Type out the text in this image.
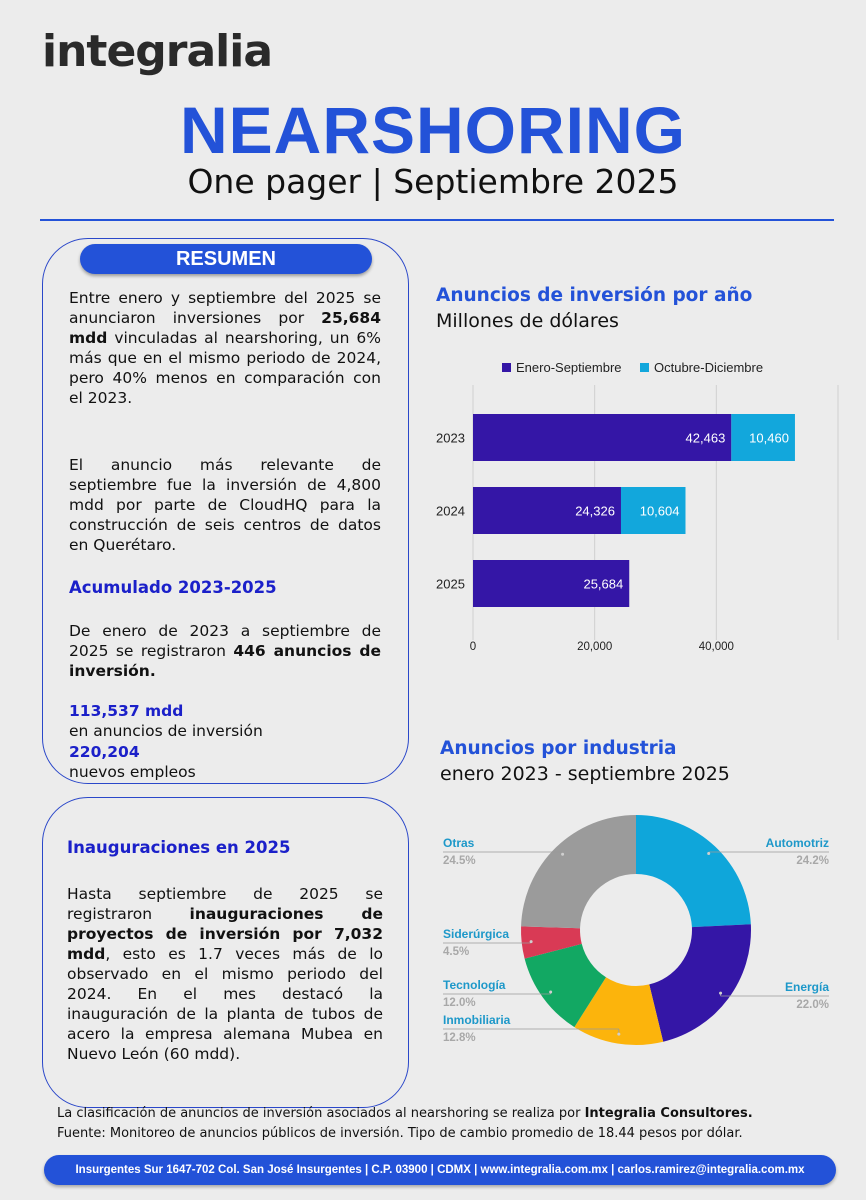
integralia
NEARSHORING
One pager | Septiembre 2025
RESUMEN

Entre enero y septiembre del 2025 se anunciaron inversiones por 25,684 mdd vinculadas al nearshoring, un 6% más que en el mismo periodo de 2024, pero 40% menos en comparación con el 2023.

El anuncio más relevante de septiembre fue la inversión de 4,800 mdd por parte de CloudHQ para la construcción de seis centros de datos en Querétaro.

Acumulado 2023-2025

De enero de 2023 a septiembre de 2025 se registraron 446 anuncios de inversión.

113,537 mdd
en anuncios de inversión
220,204
nuevos empleos
Inauguraciones en 2025

Hasta septiembre de 2025 se registraron inauguraciones de proyectos de inversión por 7,032 mdd, esto es 1.7 veces más de lo observado en el mismo periodo del 2024. En el mes destacó la inauguración de la planta de tubos de acero la empresa alemana Mubea en Nuevo León (60 mdd).

Anuncios de inversión por año
Millones de dólares
Enero-Septiembre	Octubre-Diciembre
2023	42,463 10,460
2024	24,326 10,604
2025	25,684
0	20,000	40,000
Anuncios por industria
enero 2023 - septiembre 2025
Automotriz
24.2%
Energía
22.0%
Inmobiliaria
12.8%
Tecnología
12.0%
Siderúrgica
4.5%
Otras
24.5%
La clasificación de anuncios de inversión asociados al nearshoring se realiza por Integralia Consultores.
Fuente: Monitoreo de anuncios públicos de inversión. Tipo de cambio promedio de 18.44 pesos por dólar.
Insurgentes Sur 1647-702 Col. San José Insurgentes | C.P. 03900 | CDMX | www.integralia.com.mx | carlos.ramirez@integralia.com.mx
